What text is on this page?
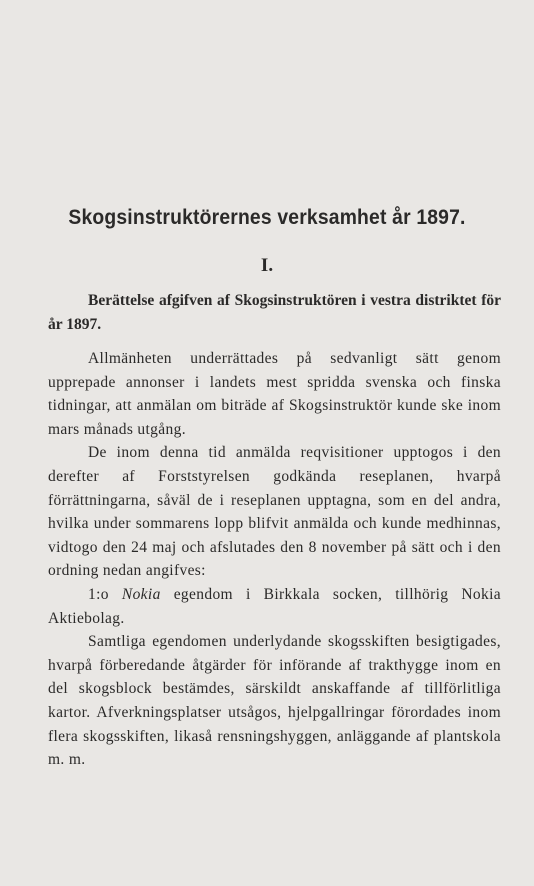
Skogsinstruktörernes verksamhet år 1897.
I.

Berättelse afgifven af Skogsinstruktören i vestra distriktet för år 1897.

Allmänheten underrättades på sedvanligt sätt genom upprepade annonser i landets mest spridda svenska och finska tidningar, att anmälan om biträde af Skogsinstruktör kunde ske inom mars månads utgång.

De inom denna tid anmälda reqvisitioner upptogos i den derefter af Forststyrelsen godkända reseplanen, hvarpå förrättningarna, såväl de i reseplanen upptagna, som en del andra, hvilka under sommarens lopp blifvit anmälda och kunde medhinnas, vidtogo den 24 maj och afslutades den 8 november på sätt och i den ordning nedan angifves:

1:o Nokia egendom i Birkkala socken, tillhörig Nokia Aktiebolag.

Samtliga egendomen underlydande skogsskiften besigtigades, hvarpå förberedande åtgärder för införande af trakthygge inom en del skogsblock bestämdes, särskildt anskaffande af tillförlitliga kartor. Afverkningsplatser utsågos, hjelpgallringar förordades inom flera skogsskiften, likaså rensningshyggen, anläggande af plantskola m. m.
